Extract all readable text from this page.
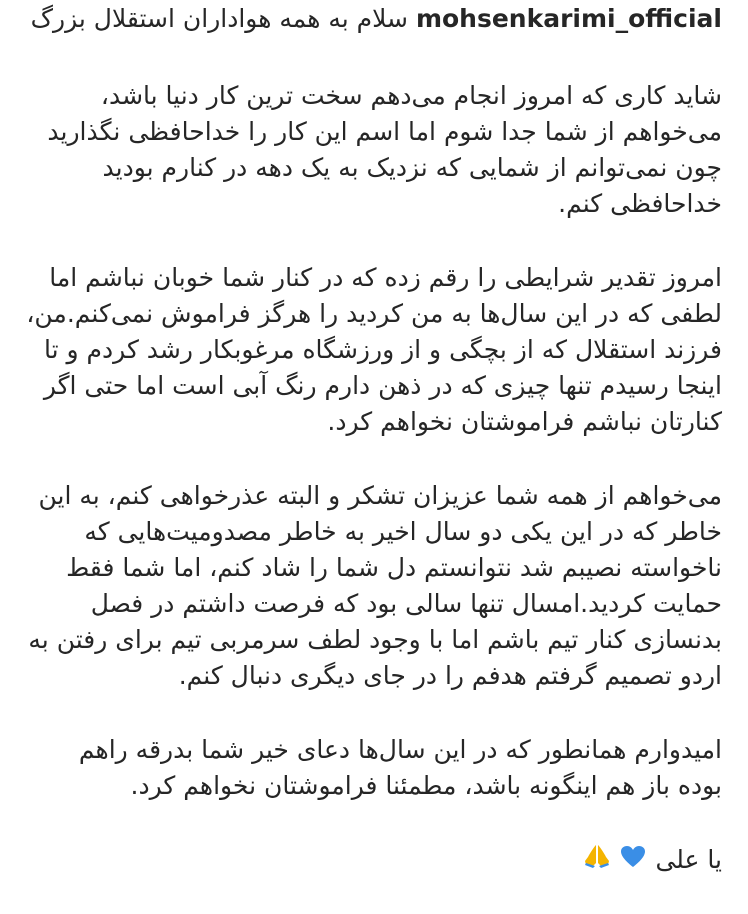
mohsenkarimi_official سلام به همه هواداران استقلال بزرگ

شاید کاری که امروز انجام می‌دهم سخت ترین کار دنیا باشد،
می‌خواهم از شما جدا شوم اما اسم این کار را خداحافظی نگذارید
چون نمی‌توانم از شمایی که نزدیک به یک دهه در کنارم بودید
خداحافظی کنم.

امروز تقدیر شرایطی را رقم زده که در کنار شما خوبان نباشم اما
لطفی که در این سال‌ها به من کردید را هرگز فراموش نمی‌کنم.من،
فرزند استقلال که از بچگی و از ورزشگاه مرغوبکار رشد کردم و تا
اینجا رسیدم تنها چیزی که در ذهن دارم رنگ آبی است اما حتی اگر
کنارتان نباشم فراموشتان نخواهم کرد.

می‌خواهم از همه شما عزیزان تشکر و البته عذرخواهی کنم، به این
خاطر که در این یکی دو سال اخیر به خاطر مصدومیت‌هایی که
ناخواسته نصیبم شد نتوانستم دل شما را شاد کنم، اما شما فقط
حمایت کردید.امسال تنها سالی بود که فرصت داشتم در فصل
بدنسازی کنار تیم باشم اما با وجود لطف سرمربی تیم برای رفتن به
اردو تصمیم گرفتم هدفم را در جای دیگری دنبال کنم.

امیدوارم همانطور که در این سال‌ها دعای خیر شما بدرقه راهم
بوده باز هم اینگونه باشد، مطمئنا فراموشتان نخواهم کرد.

یا علی
